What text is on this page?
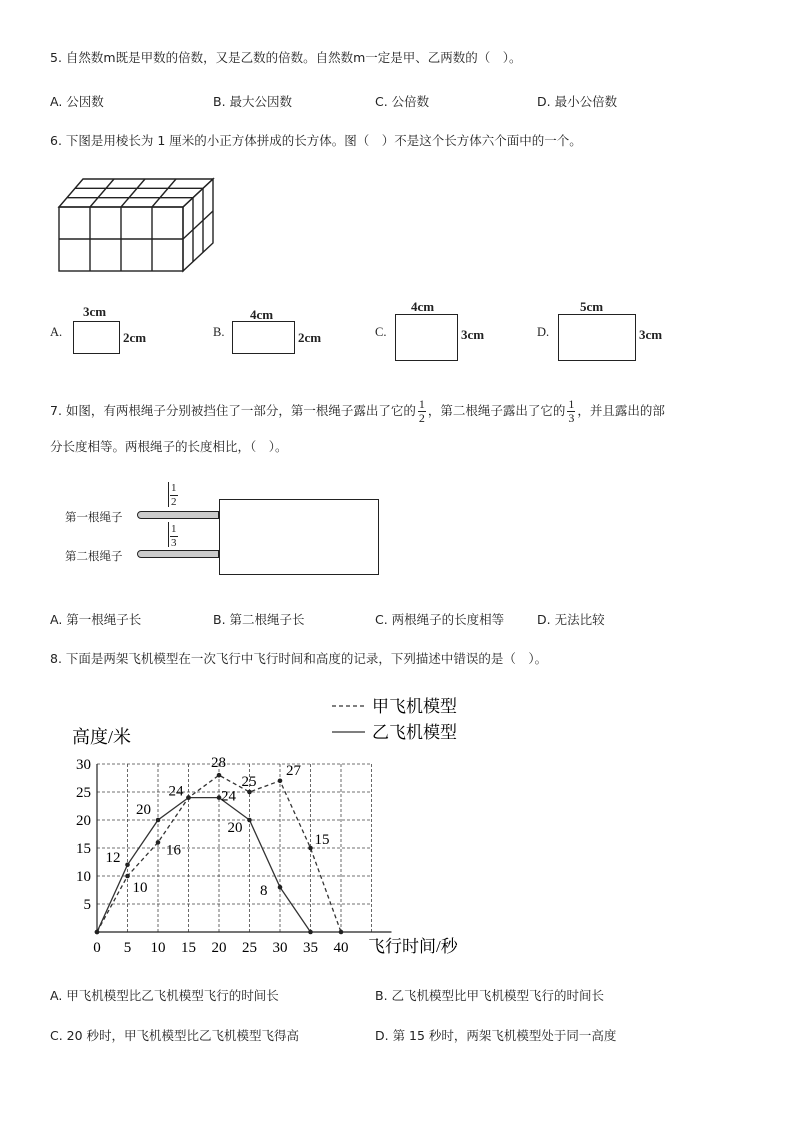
5. 自然数m既是甲数的倍数，又是乙数的倍数。自然数m一定是甲、乙两数的（　）。
A. 公因数	B. 最大公因数	C. 公倍数	D. 最小公倍数
6. 下图是用棱长为 1 厘米的小正方体拼成的长方体。图（　）不是这个长方体六个面中的一个。
A.
3cm
2cm	B.
4cm
2cm	C.
4cm
3cm	D.
5cm
3cm
7. 如图，有两根绳子分别被挡住了一部分，第一根绳子露出了它的 $\frac{1}{2}$ ，第二根绳子露出了它的 $\frac{1}{3}$ ，并且露出的部
分长度相等。两根绳子的长度相比，（　）。
第一根绳子
第二根绳子
$\frac{1}{2}$
$\frac{1}{3}$
A. 第一根绳子长	B. 第二根绳子长	C. 两根绳子的长度相等	D. 无法比较
8. 下面是两架飞机模型在一次飞行中飞行时间和高度的记录，下列描述中错误的是（　）。
0 5 10 15 20 25 30 35 40
5
10
15
20
25
30
10
16
24
28
25
27
15
12
20
24
20
8
甲飞机模型
乙飞机模型
高度/米
飞行时间/秒
A. 甲飞机模型比乙飞机模型飞行的时间长	B. 乙飞机模型比甲飞机模型飞行的时间长
C. 20 秒时，甲飞机模型比乙飞机模型飞得高	D. 第 15 秒时，两架飞机模型处于同一高度
